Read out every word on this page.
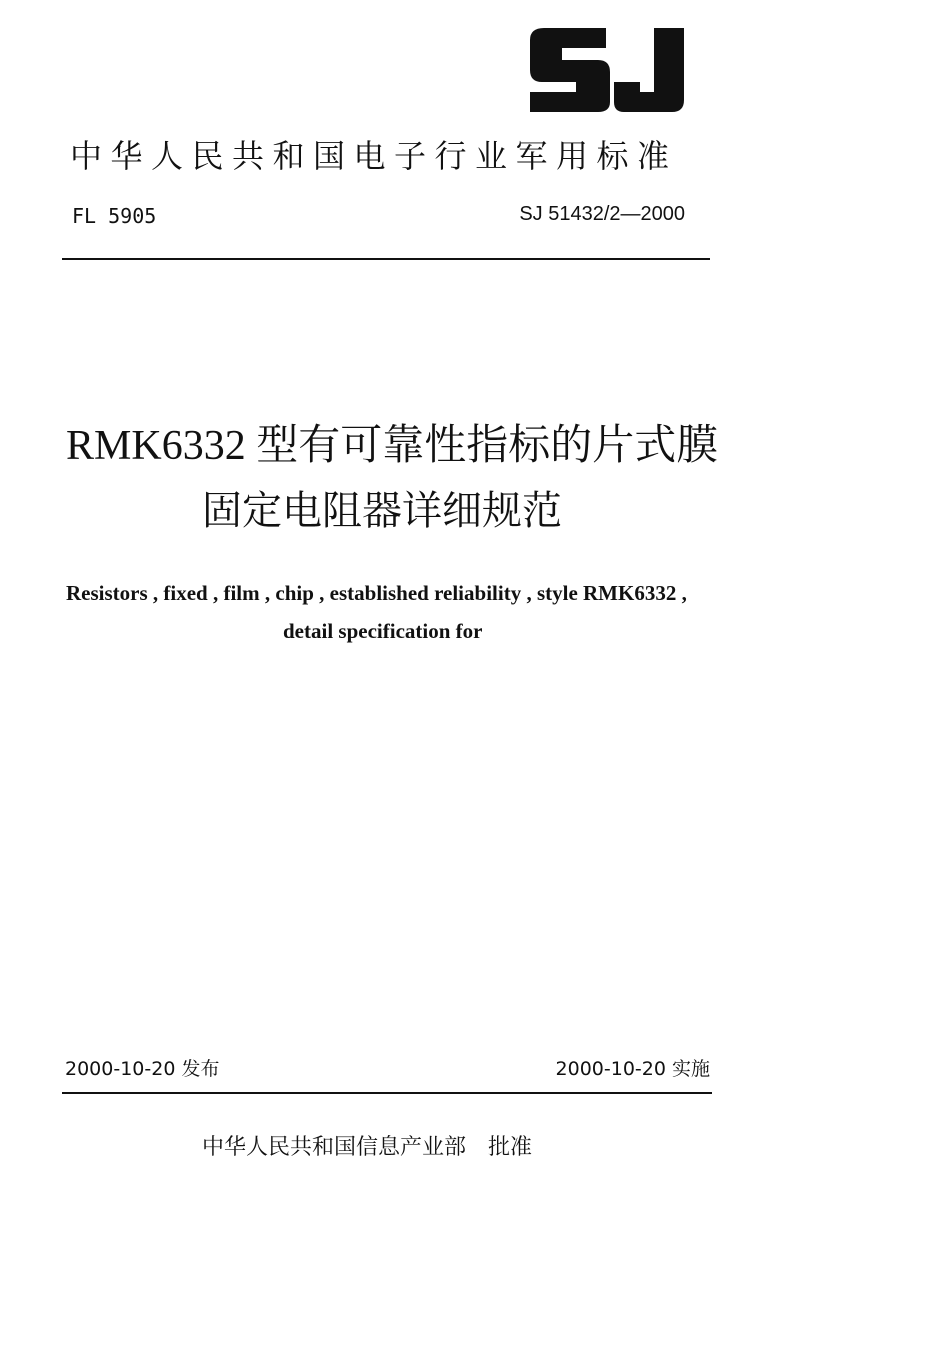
中华人民共和国电子行业军用标准
FL 5905	SJ 51432/2—2000
RMK6332 型有可靠性指标的片式膜
固定电阻器详细规范
Resistors , fixed , film , chip , established reliability , style RMK6332 ,
detail specification for
2000-10-20 发布	2000-10-20 实施
中华人民共和国信息产业部 批准
